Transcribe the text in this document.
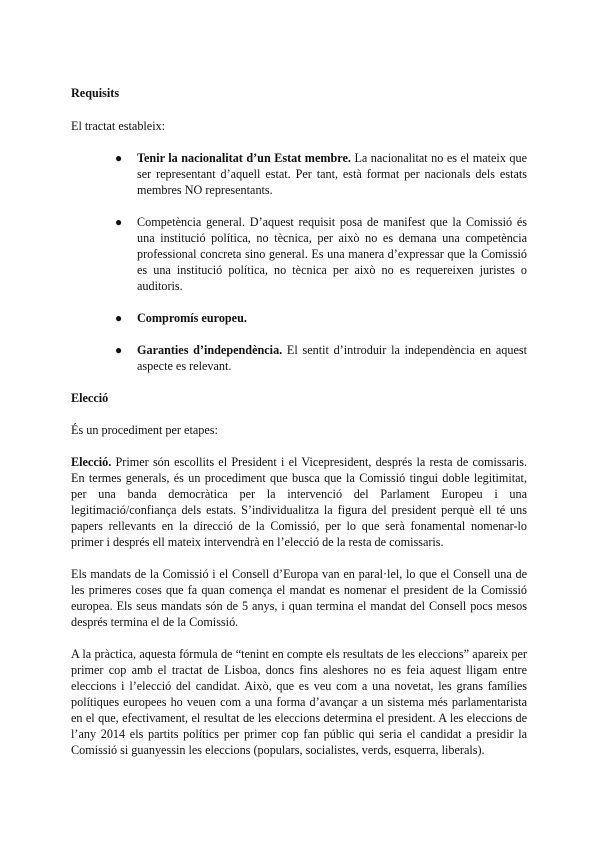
Requisits
El tractat estableix:
● Tenir la nacionalitat d’un Estat membre. La nacionalitat no es el mateix que ser representant d’aquell estat. Per tant, està format per nacionals dels estats membres NO representants.
● Competència general. D’aquest requisit posa de manifest que la Comissió és una institució política, no tècnica, per això no es demana una competència professional concreta sino general. Es una manera d’expressar que la Comissió es una institució política, no tècnica per això no es requereixen juristes o auditoris.
● Compromís europeu.
● Garanties d’independència. El sentit d’introduir la independència en aquest aspecte es relevant.
Elecció
És un procediment per etapes:

Elecció. Primer són escollits el President i el Vicepresident, després la resta de comissaris. En termes generals, és un procediment que busca que la Comissió tingui doble legitimitat, per una banda democràtica per la intervenció del Parlament Europeu i una legitimació/confiança dels estats. S’individualitza la figura del president perquè ell té uns papers rellevants en la direcció de la Comissió, per lo que serà fonamental nomenar-lo primer i després ell mateix intervendrà en l’elecció de la resta de comissaris.

Els mandats de la Comissió i el Consell d’Europa van en paral·lel, lo que el Consell una de les primeres coses que fa quan comença el mandat es nomenar el president de la Comissió europea. Els seus mandats són de 5 anys, i quan termina el mandat del Consell pocs mesos després termina el de la Comissió.

A la pràctica, aquesta fórmula de “tenint en compte els resultats de les eleccions” apareix per primer cop amb el tractat de Lisboa, doncs fins aleshores no es feia aquest lligam entre eleccions i l’elecció del candidat. Això, que es veu com a una novetat, les grans famílies polítiques europees ho veuen com a una forma d’avançar a un sistema més parlamentarista en el que, efectivament, el resultat de les eleccions determina el president. A les eleccions de l’any 2014 els partits polítics per primer cop fan públic qui seria el candidat a presidir la Comissió si guanyessin les eleccions (populars, socialistes, verds, esquerra, liberals).
